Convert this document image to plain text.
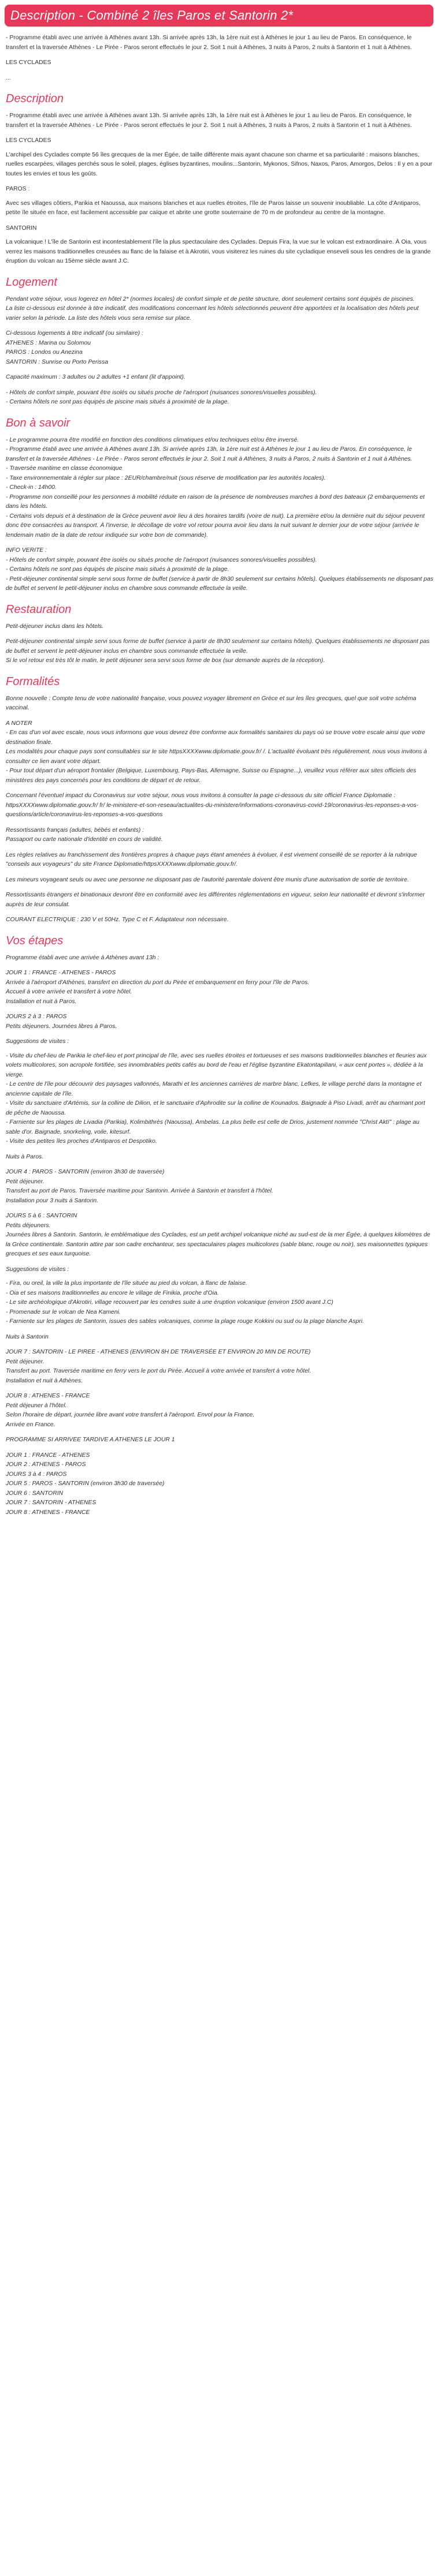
Description - Combiné 2 îles Paros et Santorin 2*

- Programme établi avec une arrivée à Athènes avant 13h. Si arrivée après 13h, la 1ère nuit est à Athènes le jour 1 au lieu de Paros. En conséquence, le transfert et la traversée Athènes - Le Pirée - Paros seront effectués le jour 2. Soit 1 nuit à Athènes, 3 nuits à Paros, 2 nuits à Santorin et 1 nuit à Athènes.

LES CYCLADES

...

Description

- Programme établi avec une arrivée à Athènes avant 13h. Si arrivée après 13h, la 1ère nuit est à Athènes le jour 1 au lieu de Paros. En conséquence, le transfert et la traversée Athènes - Le Pirée - Paros seront effectués le jour 2. Soit 1 nuit à Athènes, 3 nuits à Paros, 2 nuits à Santorin et 1 nuit à Athènes.

LES CYCLADES

L'archipel des Cyclades compte 56 îles grecques de la mer Égée, de taille différente mais ayant chacune son charme et sa particularité : maisons blanches, ruelles escarpées, villages perchés sous le soleil, plages, églises byzantines, moulins...Santorin, Mykonos, Sifnos, Naxos, Paros, Amorgos, Delos : Il y en a pour toutes les envies et tous les goûts.

PAROS :

Avec ses villages côtiers, Parikia et Naoussa, aux maisons blanches et aux ruelles étroites, l'île de Paros laisse un souvenir inoubliable. La côte d'Antiparos, petite île située en face, est facilement accessible par caïque et abrite une grotte souterraine de 70 m de profondeur au centre de la montagne.

SANTORIN

La volcanique ! L'île de Santorin est incontestablement l'île la plus spectaculaire des Cyclades. Depuis Fira, la vue sur le volcan est extraordinaire. À Oia, vous verrez les maisons traditionnelles creusées au flanc de la falaise et à Akrotiri, vous visiterez les ruines du site cycladique enseveli sous les cendres de la grande éruption du volcan au 15ème siècle avant J.C.

Logement

Pendant votre séjour, vous logerez en hôtel 2* (normes locales) de confort simple et de petite structure, dont seulement certains sont équipés de piscines.
La liste ci-dessous est donnée à titre indicatif, des modifications concernant les hôtels sélectionnés peuvent être apportées et la localisation des hôtels peut varier selon la période. La liste des hôtels vous sera remise sur place.

Ci-dessous logements à titre indicatif (ou similaire) :
ATHENES : Marina ou Solomou
PAROS : Londos ou Anezina
SANTORIN : Sunrise ou Porto Perissa

Capacité maximum : 3 adultes ou 2 adultes +1 enfant (lit d'appoint).

- Hôtels de confort simple, pouvant être isolés ou situés proche de l'aéroport (nuisances sonores/visuelles possibles).
- Certains hôtels ne sont pas équipés de piscine mais situés à proximité de la plage.

Bon à savoir

- Le programme pourra être modifié en fonction des conditions climatiques et/ou techniques et/ou être inversé.
- Programme établi avec une arrivée à Athènes avant 13h. Si arrivée après 13h, la 1ère nuit est à Athènes le jour 1 au lieu de Paros. En conséquence, le transfert et la traversée Athènes - Le Pirée - Paros seront effectués le jour 2. Soit 1 nuit à Athènes, 3 nuits à Paros, 2 nuits à Santorin et 1 nuit à Athènes.
- Traversée maritime en classe économique
- Taxe environnementale à régler sur place : 2EUR/chambre/nuit (sous réserve de modification par les autorités locales).
- Check-in : 14h00.
- Programme non conseillé pour les personnes à mobilité réduite en raison de la présence de nombreuses marches à bord des bateaux (2 embarquements et dans les hôtels.
- Certains vols depuis et à destination de la Grèce peuvent avoir lieu à des horaires tardifs (voire de nuit). La première et/ou la dernière nuit du séjour peuvent donc être consacrées au transport. À l'inverse, le décollage de votre vol retour pourra avoir lieu dans la nuit suivant le dernier jour de votre séjour (arrivée le lendemain matin de la date de retour indiquée sur votre bon de commande).

INFO VERITE :
- Hôtels de confort simple, pouvant être isolés ou situés proche de l'aéroport (nuisances sonores/visuelles possibles).
- Certains hôtels ne sont pas équipés de piscine mais situés à proximité de la plage.
- Petit-déjeuner continental simple servi sous forme de buffet (service à partir de 8h30 seulement sur certains hôtels). Quelques établissements ne disposant pas de buffet et servent le petit-déjeuner inclus en chambre sous commande effectuée la veille.

Restauration

Petit-déjeuner inclus dans les hôtels.

Petit-déjeuner continental simple servi sous forme de buffet (service à partir de 8h30 seulement sur certains hôtels). Quelques établissements ne disposant pas de buffet et servent le petit-déjeuner inclus en chambre sous commande effectuée la veille.
Si le vol retour est très tôt le matin, le petit déjeuner sera servi sous forme de box (sur demande auprès de la réception).

Formalités

Bonne nouvelle : Compte tenu de votre nationalité française, vous pouvez voyager librement en Grèce et sur les îles grecques, quel que soit votre schéma vaccinal.

A NOTER
- En cas d'un vol avec escale, nous vous informons que vous devrez être conforme aux formalités sanitaires du pays où se trouve votre escale ainsi que votre destination finale.
Les modalités pour chaque pays sont consultables sur le site httpsXXXXwww.diplomatie.gouv.fr/ /. L'actualité évoluant très régulièrement, nous vous invitons à consulter ce lien avant votre départ.
- Pour tout départ d'un aéroport frontalier (Belgique, Luxembourg, Pays-Bas, Allemagne, Suisse ou Espagne...), veuillez vous référer aux sites officiels des ministères des pays concernés pour les conditions de départ et de retour.

Concernant l'éventuel impact du Coronavirus sur votre séjour, nous vous invitons à consulter la page ci-dessous du site officiel France Diplomatie :
httpsXXXXwww.diplomatie.gouv.fr/ fr/ le-ministere-et-son-reseau/actualites-du-ministere/informations-coronavirus-covid-19/coronavirus-les-reponses-a-vos-questions/article/coronavirus-les-reponses-a-vos-questions

Ressortissants français (adultes, bébés et enfants) :
Passaport ou carte nationale d'identité en cours de validité.

Les règles relatives au franchissement des frontières propres à chaque pays étant amenées à évoluer, il est vivement conseillé de se reporter à la rubrique "conseils aux voyageurs" du site France Diplomatie/httpsXXXXwww.diplomatie.gouv.fr/.

Les mineurs voyageant seuls ou avec une personne ne disposant pas de l'autorité parentale doivent être munis d'une autorisation de sortie de territoire.

Ressortissants étrangers et binationaux devront être en conformité avec les différentes réglementations en vigueur, selon leur nationalité et devront s'informer auprès de leur consulat.

COURANT ELECTRIQUE : 230 V et 50Hz. Type C et F. Adaptateur non nécessaire.

Vos étapes

Programme établi avec une arrivée à Athènes avant 13h :

JOUR 1 : FRANCE - ATHENES - PAROS
Arrivée à l'aéroport d'Athènes, transfert en direction du port du Pirée et embarquement en ferry pour l'île de Paros.
Accueil à votre arrivée et transfert à votre hôtel.
Installation et nuit à Paros.

JOURS 2 à 3 : PAROS
Petits déjeuners. Journées libres à Paros.

Suggestions de visites :

- Visite du chef-lieu de Parikia le chef-lieu et port principal de l'île, avec ses ruelles étroites et tortueuses et ses maisons traditionnelles blanches et fleuries aux volets multicolores, son acropole fortifiée, ses innombrables petits cafés au bord de l'eau et l'église byzantine Ekatontapiliani, « aux cent portes », dédiée à la vierge.
- Le centre de l'île pour découvrir des paysages vallonnés, Marathi et les anciennes carrières de marbre blanc, Lefkes, le village perché dans la montagne et ancienne capitale de l'île.
- Visite du sanctuaire d'Artémis, sur la colline de Dilion, et le sanctuaire d'Aphrodite sur la colline de Kounados. Baignade à Piso Livadi, arrêt au charmant port de pêche de Naoussa.
- Farniente sur les plages de Livadia (Parikia), Kolimbithrès (Naoussa), Ambelas. La plus belle est celle de Drios, justement nommée "Christ Aktï" : plage au sable d'or. Baignade, snorkeling, voile, kitesurf.
- Visite des petites îles proches d'Antiparos et Despotiko.

Nuits à Paros.

JOUR 4 : PAROS - SANTORIN (environ 3h30 de traversée)
Petit déjeuner.
Transfert au port de Paros. Traversée maritime pour Santorin. Arrivée à Santorin et transfert à l'hôtel.
Installation pour 3 nuits à Santorin.

JOURS 5 à 6 : SANTORIN
Petits déjeuners.
Journées libres à Santorin. Santorin, le emblématique des Cyclades, est un petit archipel volcanique niché au sud-est de la mer Égée, à quelques kilomètres de la Grèce continentale. Santorin attire par son cadre enchanteur, ses spectaculaires plages multicolores (sable blanc, rouge ou noir), ses maisonnettes typiques grecques et ses eaux turquoise.

Suggestions de visites :

- Fira, ou oreil, la ville la plus importante de l'île située au pied du volcan, à flanc de falaise.
- Oia et ses maisons traditionnelles au encore le village de Finikia, proche d'Oia.
- Le site archéologique d'Akrotiri, village recouvert par les cendres suite à une éruption volcanique (environ 1500 avant J.C)
- Promenade sur le volcan de Nea Kameni.
- Farniente sur les plages de Santorin, issues des sables volcaniques, comme la plage rouge Kokkini ou sud ou la plage blanche Aspri.

Nuits à Santorin

JOUR 7 : SANTORIN - LE PIREE - ATHENES (ENVIRON 8H DE TRAVERSÉE ET ENVIRON 20 MIN DE ROUTE)
Petit déjeuner.
Transfert au port. Traversée maritime en ferry vers le port du Pirée. Accueil à votre arrivée et transfert à votre hôtel.
Installation et nuit à Athènes.

JOUR 8 : ATHENES - FRANCE
Petit déjeuner à l'hôtel.
Selon l'horaire de départ, journée libre avant votre transfert à l'aéroport. Envol pour la France.
Arrivée en France.

PROGRAMME SI ARRIVEE TARDIVE A ATHENES LE JOUR 1

JOUR 1 : FRANCE - ATHENES
JOUR 2 : ATHENES - PAROS
JOURS 3 à 4 : PAROS
JOUR 5 : PAROS - SANTORIN (environ 3h30 de traversée)
JOUR 6 : SANTORIN
JOUR 7 : SANTORIN - ATHENES
JOUR 8 : ATHENES - FRANCE
